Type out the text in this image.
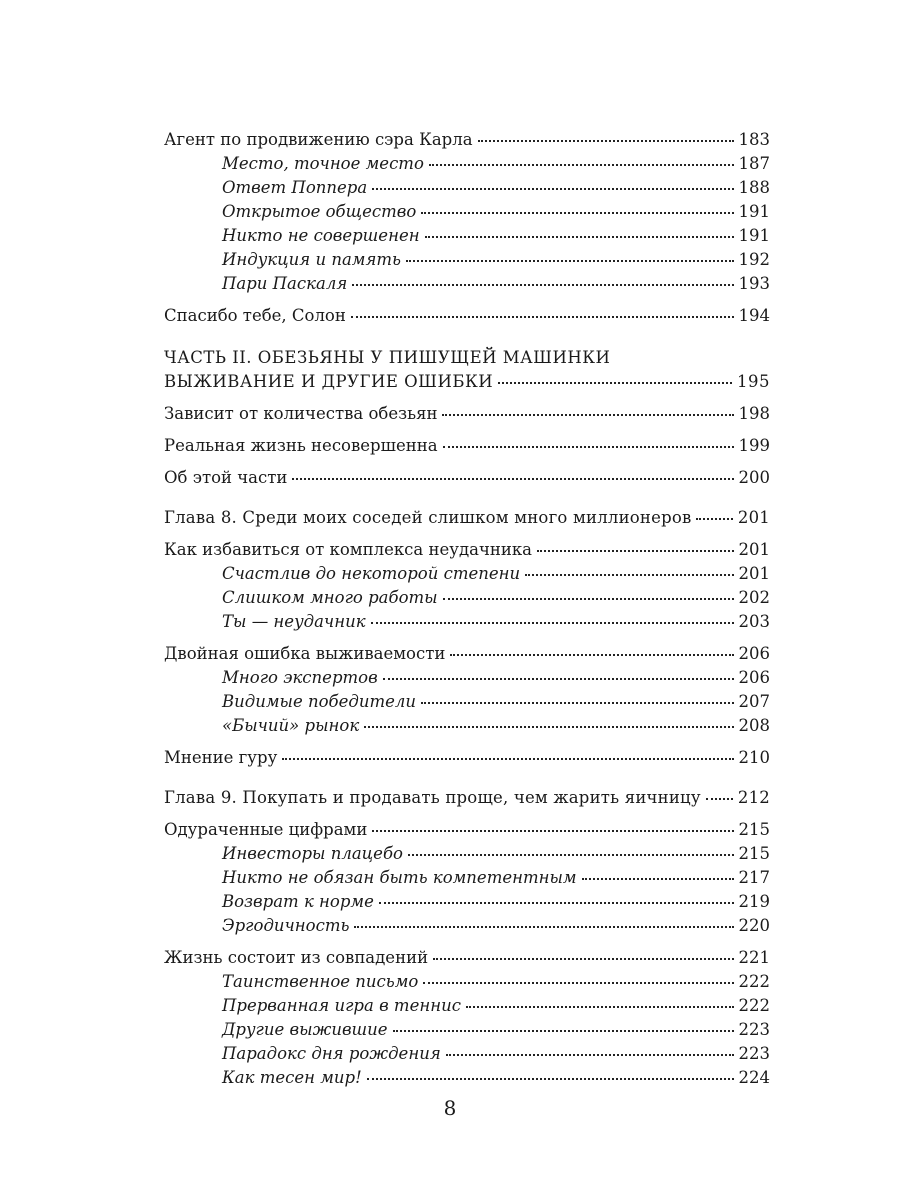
Агент по продвижению сэра Карла	183
Место, точное место	187
Ответ Поппера	188
Открытое общество	191
Никто не совершенен	191
Индукция и память	192
Пари Паскаля	193
Спасибо тебе, Солон	194
ЧАСТЬ II. ОБЕЗЬЯНЫ У ПИШУЩЕЙ МАШИНКИ
ВЫЖИВАНИЕ И ДРУГИЕ ОШИБКИ	195
Зависит от количества обезьян	198
Реальная жизнь несовершенна	199
Об этой части	200
Глава 8. Среди моих соседей слишком много миллионеров	201
Как избавиться от комплекса неудачника	201
Счастлив до некоторой степени	201
Слишком много работы	202
Ты — неудачник	203
Двойная ошибка выживаемости	206
Много экспертов	206
Видимые победители	207
«Бычий» рынок	208
Мнение гуру	210
Глава 9. Покупать и продавать проще, чем жарить яичницу 212
Одураченные цифрами	215
Инвесторы плацебо	215
Никто не обязан быть компетентным	217
Возврат к норме	219
Эргодичность	220
Жизнь состоит из совпадений	221
Таинственное письмо	222
Прерванная игра в теннис	222
Другие выжившие	223
Парадокс дня рождения	223
Как тесен мир!	224
8
